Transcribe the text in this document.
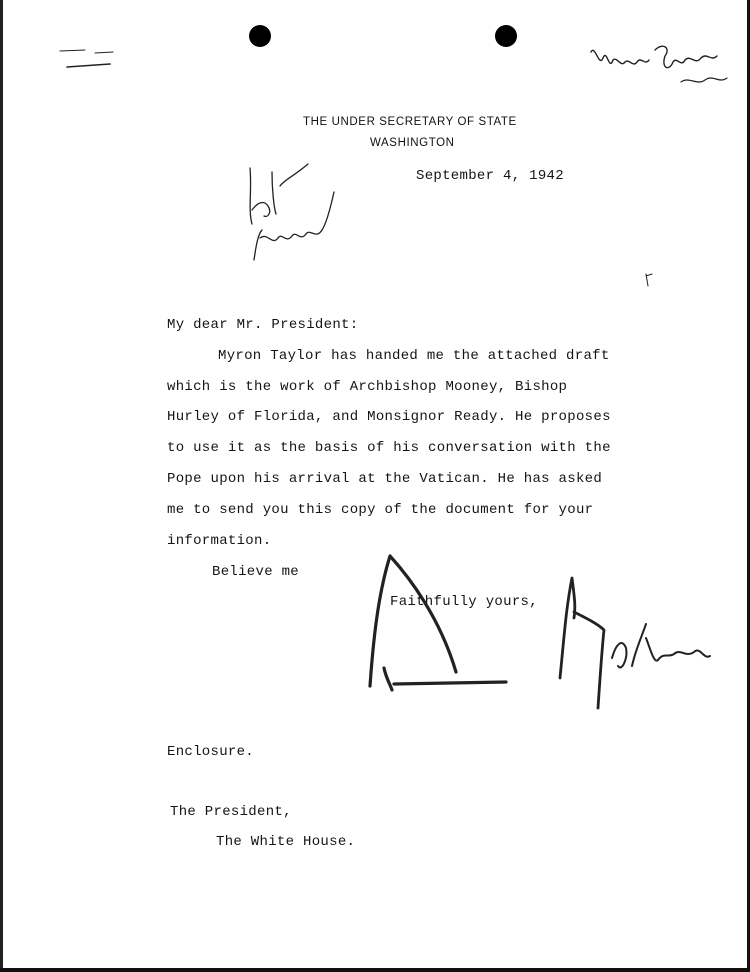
THE UNDER SECRETARY OF STATE
WASHINGTON
September 4, 1942
My dear Mr. President:
Myron Taylor has handed me the attached draft
which is the work of Archbishop Mooney, Bishop
Hurley of Florida, and Monsignor Ready. He proposes
to use it as the basis of his conversation with the
Pope upon his arrival at the Vatican. He has asked
me to send you this copy of the document for your
information.
Believe me
Faithfully yours,
Enclosure.
The President,
The White House.
